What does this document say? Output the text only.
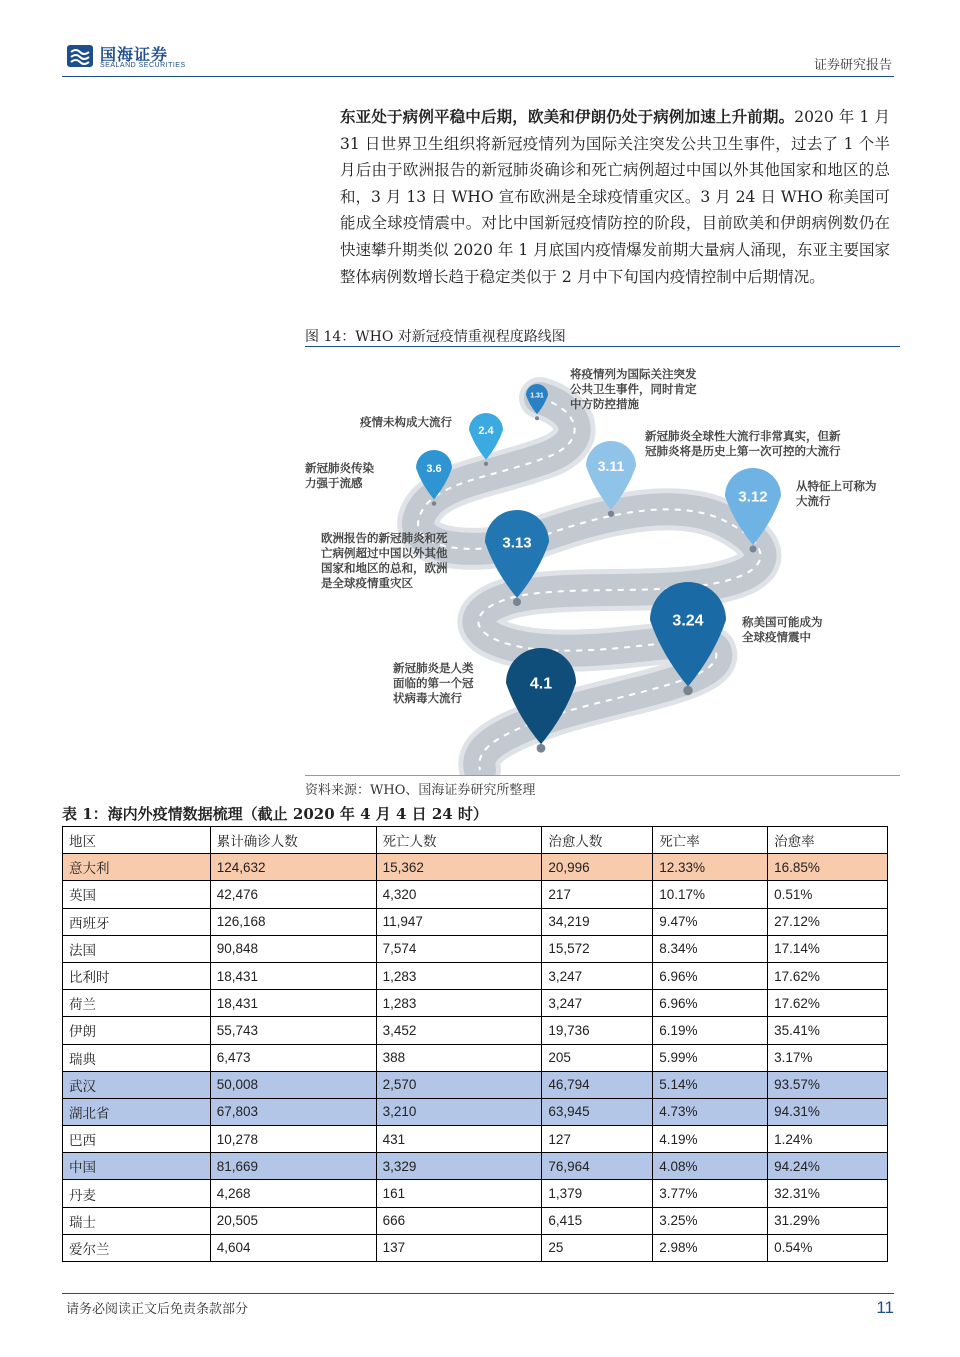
国海证券
SEALAND SECURITIES	证券研究报告
东亚处于病例平稳中后期，欧美和伊朗仍处于病例加速上升前期。2020 年 1 月 31 日世界卫生组织将新冠疫情列为国际关注突发公共卫生事件，过去了 1 个半月后由于欧洲报告的新冠肺炎确诊和死亡病例超过中国以外其他国家和地区的总和，3 月 13 日 WHO 宣布欧洲是全球疫情重灾区。3 月 24 日 WHO 称美国可能成全球疫情震中。对比中国新冠疫情防控的阶段，目前欧美和伊朗病例数仍在快速攀升期类似 2020 年 1 月底国内疫情爆发前期大量病人涌现，东亚主要国家整体病例数增长趋于稳定类似于 2 月中下旬国内疫情控制中后期情况。
图 14：WHO 对新冠疫情重视程度路线图
1.31
2.4
3.6	3.11
3.12
3.13
3.24
4.1
将疫情列为国际关注突发公共卫生事件，同时肯定中方防控措施
疫情未构成大流行
新冠肺炎传染力强于流感
新冠肺炎全球性大流行非常真实，但新冠肺炎将是历史上第一次可控的大流行
从特征上可称为大流行
欧洲报告的新冠肺炎和死亡病例超过中国以外其他国家和地区的总和，欧洲是全球疫情重灾区
称美国可能成为全球疫情震中
新冠肺炎是人类面临的第一个冠状病毒大流行
资料来源：WHO、国海证券研究所整理
表 1：海内外疫情数据梳理（截止 2020 年 4 月 4 日 24 时）
地区	累计确诊人数	死亡人数	治愈人数	死亡率	治愈率
意大利	124,632	15,362	20,996	12.33%	16.85%
英国	42,476	4,320	217	10.17%	0.51%
西班牙	126,168	11,947	34,219	9.47%	27.12%
法国	90,848	7,574	15,572	8.34%	17.14%
比利时	18,431	1,283	3,247	6.96%	17.62%
荷兰	18,431	1,283	3,247	6.96%	17.62%
伊朗	55,743	3,452	19,736	6.19%	35.41%
瑞典	6,473	388	205	5.99%	3.17%
武汉	50,008	2,570	46,794	5.14%	93.57%
湖北省	67,803	3,210	63,945	4.73%	94.31%
巴西	10,278	431	127	4.19%	1.24%
中国	81,669	3,329	76,964	4.08%	94.24%
丹麦	4,268	161	1,379	3.77%	32.31%
瑞士	20,505	666	6,415	3.25%	31.29%
爱尔兰	4,604	137	25	2.98%	0.54%
请务必阅读正文后免责条款部分	11
